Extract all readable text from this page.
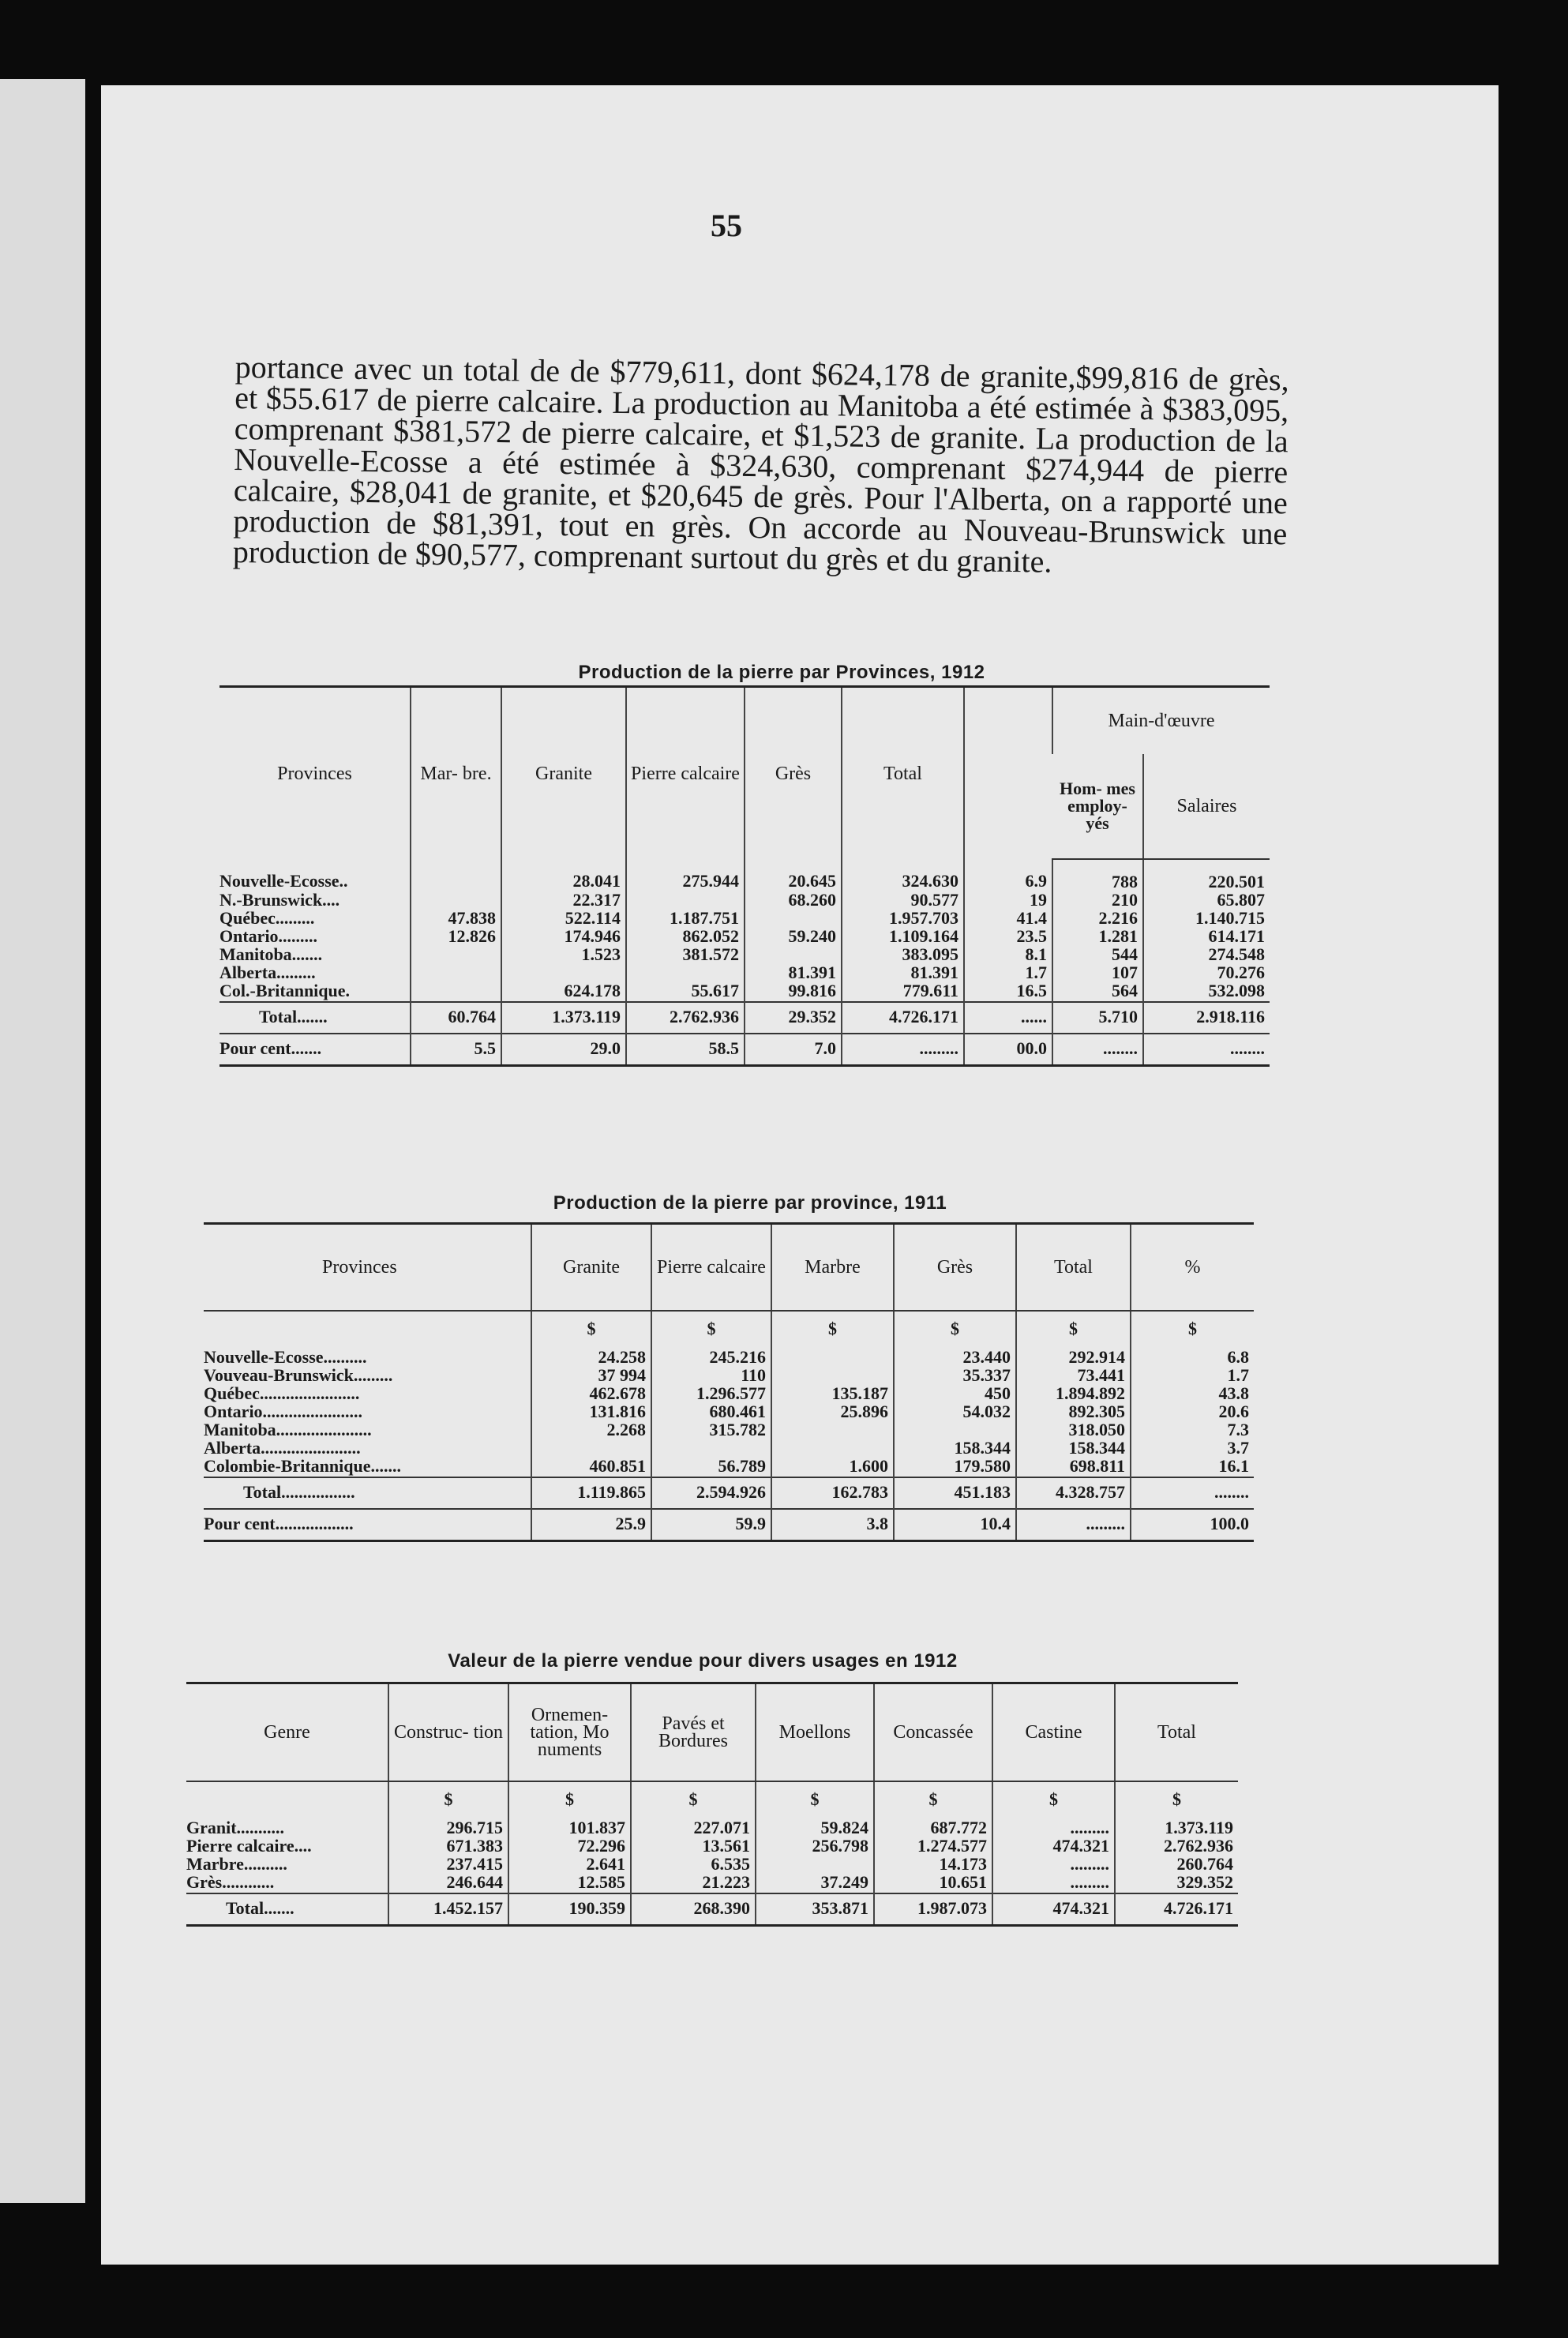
55
portance avec un total de de $779,611, dont $624,178 de granite,$99,816 de grès, et $55.617 de pierre calcaire. La production au Manitoba a été estimée à $383,095, comprenant $381,572 de pierre calcaire, et $1,523 de granite. La production de la Nouvelle-Ecosse a été estimée à $324,630, comprenant $274,944 de pierre calcaire, $28,041 de granite, et $20,645 de grès. Pour l'Alberta, on a rapporté une production de $81,391, tout en grès. On accorde au Nouveau-Brunswick une production de $90,577, comprenant surtout du grès et du granite.
Production de la pierre par Provinces, 1912
Provinces	Mar- bre.	Granite	Pierre calcaire	Grès	Total		Main-d'œuvre	
							Hom- mes employ- yés	Salaires
Nouvelle-Ecosse..		28.041	275.944	20.645	324.630	6.9	788	220.501
N.-Brunswick....		22.317		68.260	90.577	19	210	65.807
Québec.........	47.838	522.114	1.187.751		1.957.703	41.4	2.216	1.140.715
Ontario.........	12.826	174.946	862.052	59.240	1.109.164	23.5	1.281	614.171
Manitoba.......		1.523	381.572		383.095	8.1	544	274.548
Alberta.........				81.391	81.391	1.7	107	70.276
Col.-Britannique.		624.178	55.617	99.816	779.611	16.5	564	532.098
Total.......	60.764	1.373.119	2.762.936	29.352	4.726.171	......	5.710	2.918.116
Pour cent.......	5.5	29.0	58.5	7.0	.........	00.0	........	........
Production de la pierre par province, 1911
Provinces	Granite	Pierre calcaire	Marbre	Grès	Total	%
	$	$	$	$	$	$
Nouvelle-Ecosse..........	24.258	245.216		23.440	292.914	6.8
Vouveau-Brunswick.........	37 994	110		35.337	73.441	1.7
Québec.......................	462.678	1.296.577	135.187	450	1.894.892	43.8
Ontario.......................	131.816	680.461	25.896	54.032	892.305	20.6
Manitoba......................	2.268	315.782			318.050	7.3
Alberta.......................				158.344	158.344	3.7
Colombie-Britannique.......	460.851	56.789	1.600	179.580	698.811	16.1
Total.................	1.119.865	2.594.926	162.783	451.183	4.328.757	........
Pour cent..................	25.9	59.9	3.8	10.4	.........	100.0
Valeur de la pierre vendue pour divers usages en 1912
Genre	Construc- tion	Ornemen- tation, Mo numents	Pavés et Bordures	Moellons	Concassée	Castine	Total
	$	$	$	$	$	$	$
Granit...........	296.715	101.837	227.071	59.824	687.772	.........	1.373.119
Pierre calcaire....	671.383	72.296	13.561	256.798	1.274.577	474.321	2.762.936
Marbre..........	237.415	2.641	6.535		14.173	.........	260.764
Grès............	246.644	12.585	21.223	37.249	10.651	.........	329.352
Total.......	1.452.157	190.359	268.390	353.871	1.987.073	474.321	4.726.171
